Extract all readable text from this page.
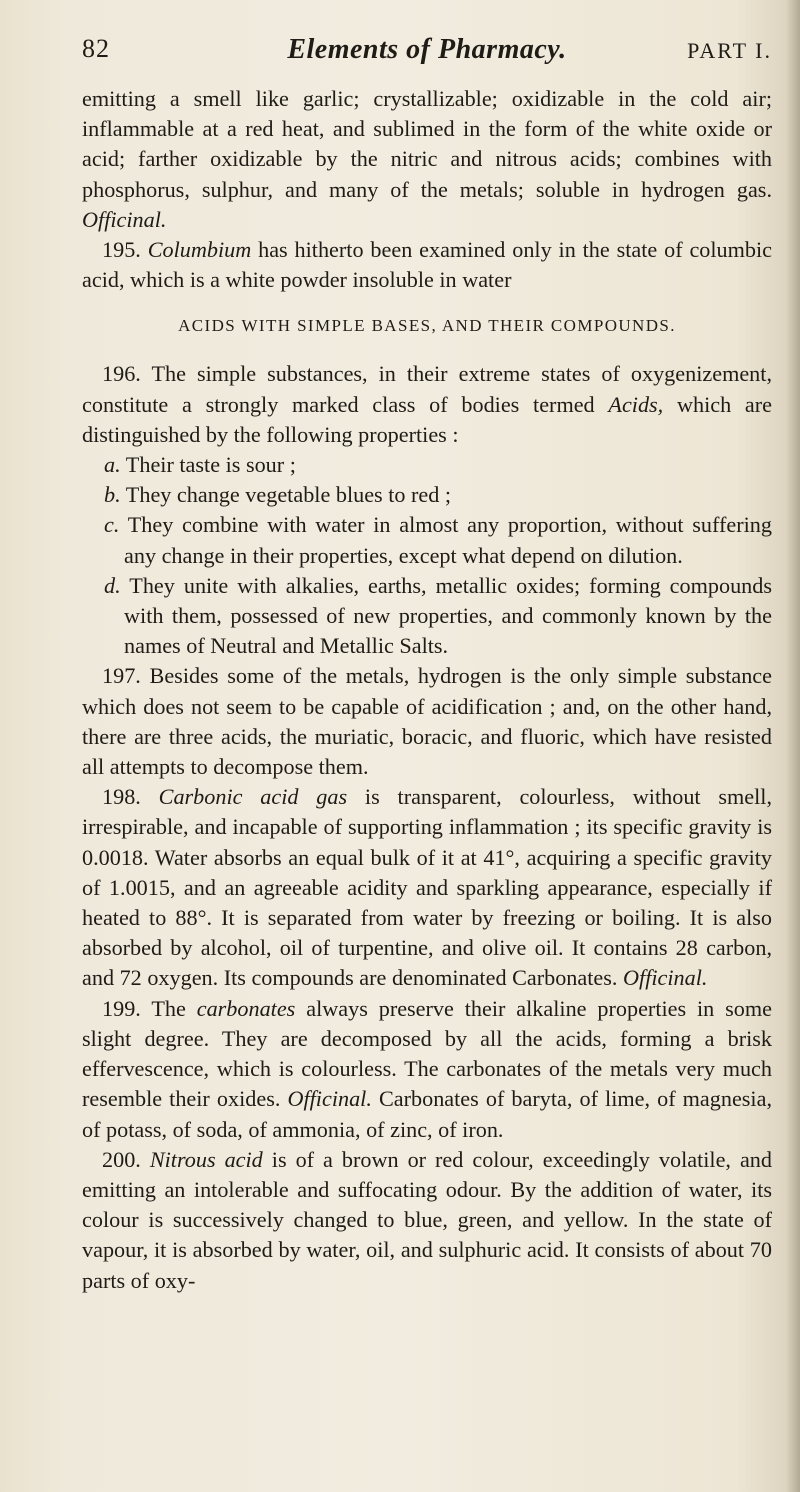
82	Elements of Pharmacy.	PART I.

emitting a smell like garlic; crystallizable; oxidizable in the cold air; inflammable at a red heat, and sublimed in the form of the white oxide or acid; farther oxidizable by the nitric and nitrous acids; combines with phosphorus, sulphur, and many of the metals; soluble in hydrogen gas. Officinal.

195. Columbium has hitherto been examined only in the state of columbic acid, which is a white powder insoluble in water

ACIDS WITH SIMPLE BASES, AND THEIR COMPOUNDS.

196. The simple substances, in their extreme states of oxygenizement, constitute a strongly marked class of bodies termed Acids, which are distinguished by the following properties :

a. Their taste is sour ;
b. They change vegetable blues to red ;
c. They combine with water in almost any proportion, without suffering any change in their properties, except what depend on dilution.
d. They unite with alkalies, earths, metallic oxides; forming compounds with them, possessed of new properties, and commonly known by the names of Neutral and Metallic Salts.

197. Besides some of the metals, hydrogen is the only simple substance which does not seem to be capable of acidification ; and, on the other hand, there are three acids, the muriatic, boracic, and fluoric, which have resisted all attempts to decompose them.

198. Carbonic acid gas is transparent, colourless, without smell, irrespirable, and incapable of supporting inflammation ; its specific gravity is 0.0018. Water absorbs an equal bulk of it at 41°, acquiring a specific gravity of 1.0015, and an agreeable acidity and sparkling appearance, especially if heated to 88°. It is separated from water by freezing or boiling. It is also absorbed by alcohol, oil of turpentine, and olive oil. It contains 28 carbon, and 72 oxygen. Its compounds are denominated Carbonates. Officinal.

199. The carbonates always preserve their alkaline properties in some slight degree. They are decomposed by all the acids, forming a brisk effervescence, which is colourless. The carbonates of the metals very much resemble their oxides. Officinal. Carbonates of baryta, of lime, of magnesia, of potass, of soda, of ammonia, of zinc, of iron.

200. Nitrous acid is of a brown or red colour, exceedingly volatile, and emitting an intolerable and suffocating odour. By the addition of water, its colour is successively changed to blue, green, and yellow. In the state of vapour, it is absorbed by water, oil, and sulphuric acid. It consists of about 70 parts of oxy-
